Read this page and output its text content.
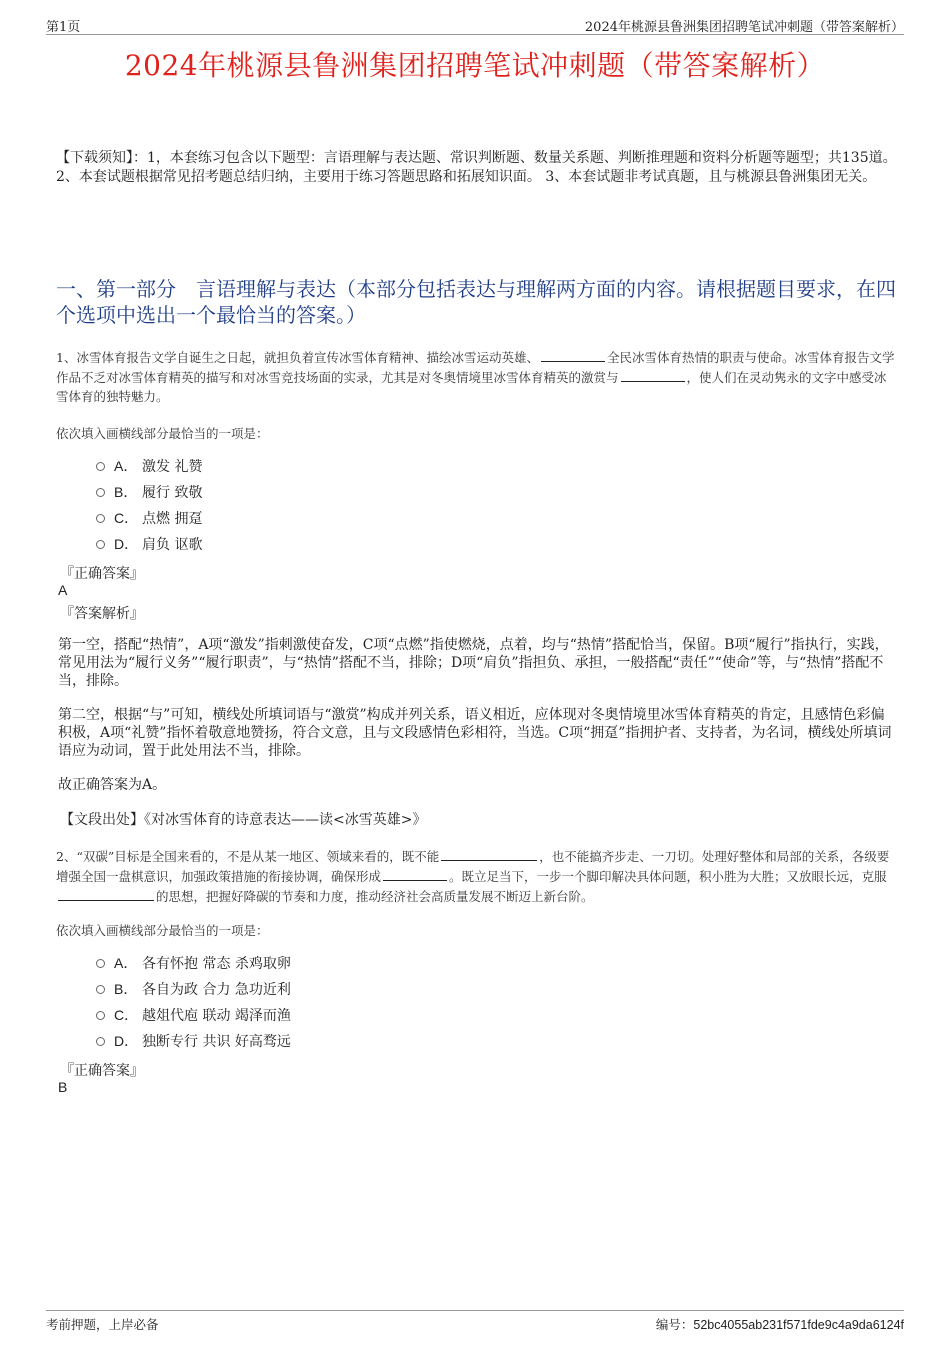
第1页	2024年桃源县鲁洲集团招聘笔试冲刺题（带答案解析）
2024年桃源县鲁洲集团招聘笔试冲刺题（带答案解析）
【下载须知】：1，本套练习包含以下题型：言语理解与表达题、常识判断题、数量关系题、判断推理题和资料分析题等题型；共135道。 2、本套试题根据常见招考题总结归纳，主要用于练习答题思路和拓展知识面。 3、本套试题非考试真题，且与桃源县鲁洲集团无关。
一、第一部分　言语理解与表达（本部分包括表达与理解两方面的内容。请根据题目要求，在四个选项中选出一个最恰当的答案。）
1、冰雪体育报告文学自诞生之日起，就担负着宣传冰雪体育精神、描绘冰雪运动英雄、	全民冰雪体育热情的职责与使命。冰雪体育报告文学作品不乏对冰雪体育精英的描写和对冰雪竞技场面的实录，尤其是对冬奥情境里冰雪体育精英的激赏与	，使人们在灵动隽永的文字中感受冰雪体育的独特魅力。
依次填入画横线部分最恰当的一项是：
A． 激发 礼赞
B． 履行 致敬
C． 点燃 拥趸
D． 肩负 讴歌
『正确答案』
A
『答案解析』
第一空，搭配“热情”，A项“激发”指刺激使奋发，C项“点燃”指使燃烧，点着，均与“热情”搭配恰当，保留。B项“履行”指执行，实践，常见用法为“履行义务”“履行职责”，与“热情”搭配不当，排除；D项“肩负”指担负、承担，一般搭配“责任”“使命”等，与“热情”搭配不当，排除。
第二空，根据“与”可知，横线处所填词语与“激赏”构成并列关系，语义相近，应体现对冬奥情境里冰雪体育精英的肯定，且感情色彩偏积极，A项“礼赞”指怀着敬意地赞扬，符合文意，且与文段感情色彩相符，当选。C项“拥趸”指拥护者、支持者，为名词，横线处所填词语应为动词，置于此处用法不当，排除。
故正确答案为A。
【文段出处】《对冰雪体育的诗意表达——读<冰雪英雄>》
2、“双碳”目标是全国来看的，不是从某一地区、领域来看的，既不能	，也不能搞齐步走、一刀切。处理好整体和局部的关系，各级要增强全国一盘棋意识，加强政策措施的衔接协调，确保形成	。既立足当下，一步一个脚印解决具体问题，积小胜为大胜；又放眼长远，克服的思想，把握好降碳的节奏和力度，推动经济社会高质量发展不断迈上新台阶。
依次填入画横线部分最恰当的一项是：
A． 各有怀抱 常态 杀鸡取卵
B． 各自为政 合力 急功近利
C． 越俎代庖 联动 竭泽而渔
D． 独断专行 共识 好高骛远
『正确答案』
B
考前押题，上岸必备	编号：52bc4055ab231f571fde9c4a9da6124f
